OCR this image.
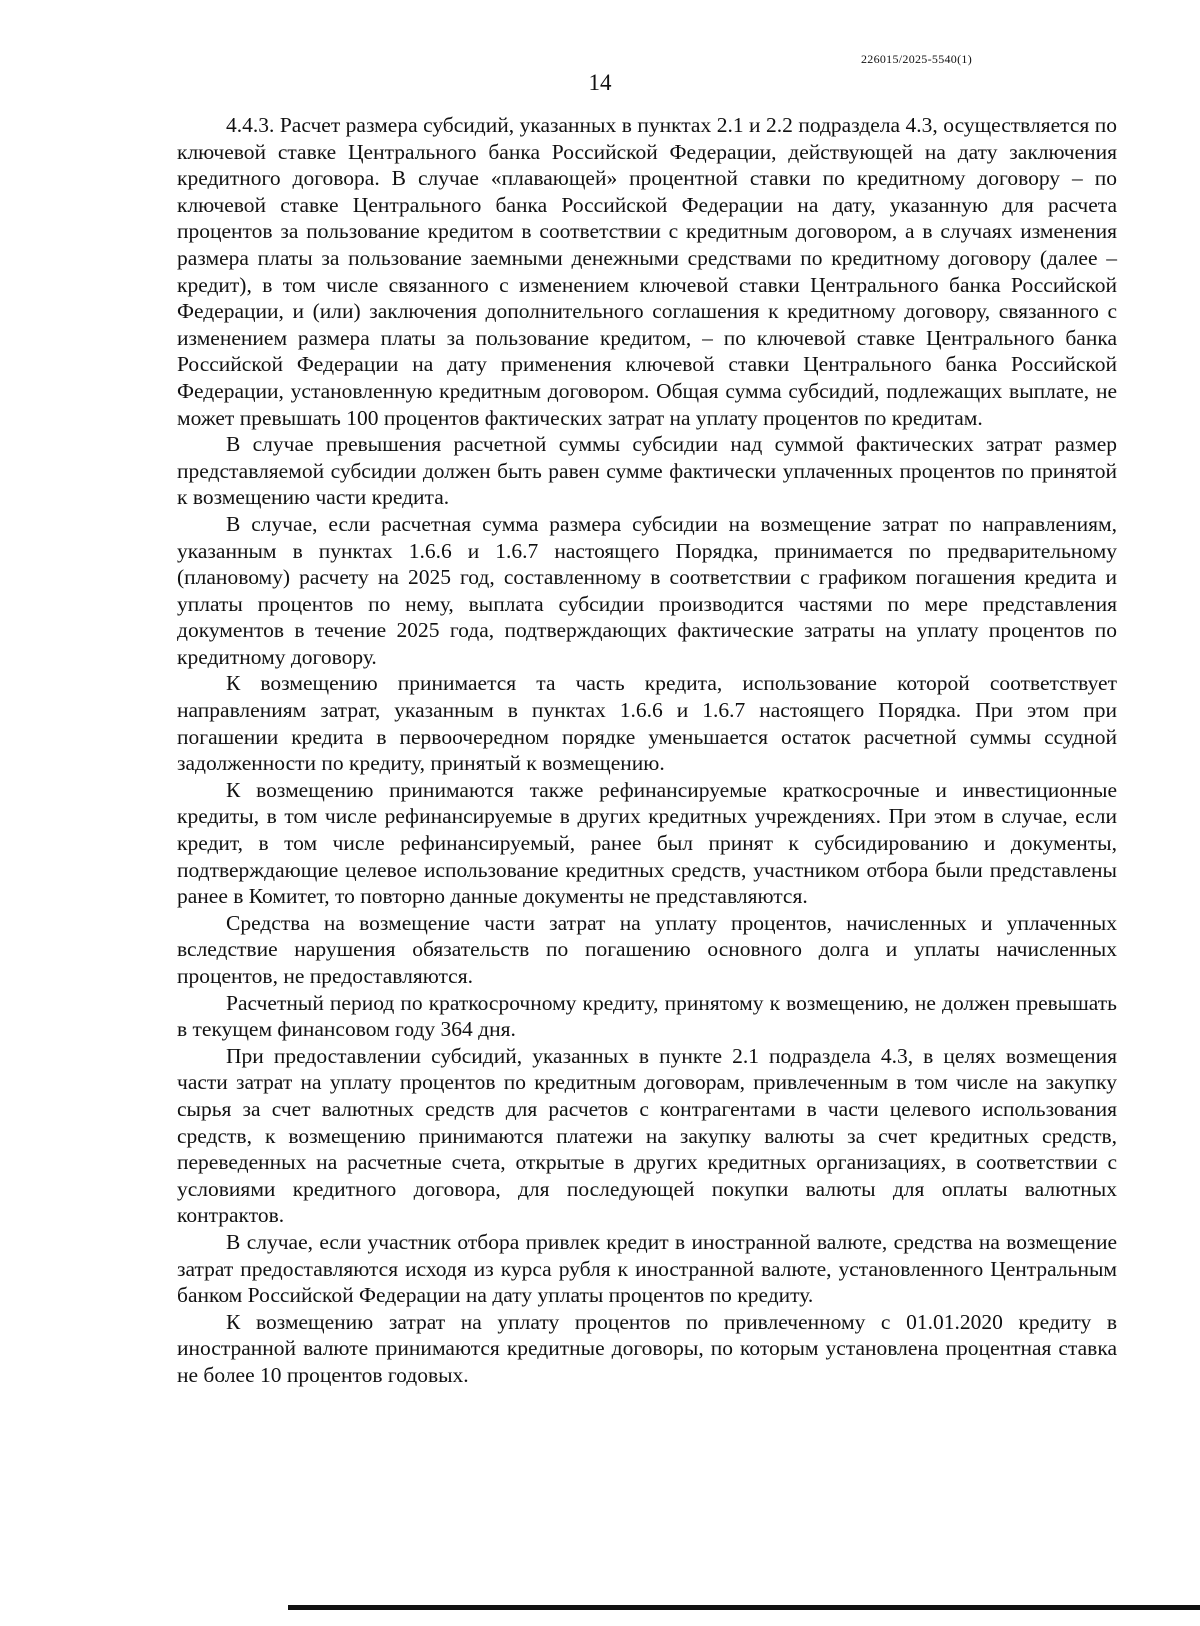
226015/2025-5540(1)
14

4.4.3. Расчет размера субсидий, указанных в пунктах 2.1 и 2.2 подраздела 4.3, осуществляется по ключевой ставке Центрального банка Российской Федерации, действующей на дату заключения кредитного договора. В случае «плавающей» процентной ставки по кредитному договору – по ключевой ставке Центрального банка Российской Федерации на дату, указанную для расчета процентов за пользование кредитом в соответствии с кредитным договором, а в случаях изменения размера платы за пользование заемными денежными средствами по кредитному договору (далее – кредит), в том числе связанного с изменением ключевой ставки Центрального банка Российской Федерации, и (или) заключения дополнительного соглашения к кредитному договору, связанного с изменением размера платы за пользование кредитом, – по ключевой ставке Центрального банка Российской Федерации на дату применения ключевой ставки Центрального банка Российской Федерации, установленную кредитным договором. Общая сумма субсидий, подлежащих выплате, не может превышать 100 процентов фактических затрат на уплату процентов по кредитам.

В случае превышения расчетной суммы субсидии над суммой фактических затрат размер представляемой субсидии должен быть равен сумме фактически уплаченных процентов по принятой к возмещению части кредита.

В случае, если расчетная сумма размера субсидии на возмещение затрат по направлениям, указанным в пунктах 1.6.6 и 1.6.7 настоящего Порядка, принимается по предварительному (плановому) расчету на 2025 год, составленному в соответствии с графиком погашения кредита и уплаты процентов по нему, выплата субсидии производится частями по мере представления документов в течение 2025 года, подтверждающих фактические затраты на уплату процентов по кредитному договору.

К возмещению принимается та часть кредита, использование которой соответствует направлениям затрат, указанным в пунктах 1.6.6 и 1.6.7 настоящего Порядка. При этом при погашении кредита в первоочередном порядке уменьшается остаток расчетной суммы ссудной задолженности по кредиту, принятый к возмещению.

К возмещению принимаются также рефинансируемые краткосрочные и инвестиционные кредиты, в том числе рефинансируемые в других кредитных учреждениях. При этом в случае, если кредит, в том числе рефинансируемый, ранее был принят к субсидированию и документы, подтверждающие целевое использование кредитных средств, участником отбора были представлены ранее в Комитет, то повторно данные документы не представляются.

Средства на возмещение части затрат на уплату процентов, начисленных и уплаченных вследствие нарушения обязательств по погашению основного долга и уплаты начисленных процентов, не предоставляются.

Расчетный период по краткосрочному кредиту, принятому к возмещению, не должен превышать в текущем финансовом году 364 дня.

При предоставлении субсидий, указанных в пункте 2.1 подраздела 4.3, в целях возмещения части затрат на уплату процентов по кредитным договорам, привлеченным в том числе на закупку сырья за счет валютных средств для расчетов с контрагентами в части целевого использования средств, к возмещению принимаются платежи на закупку валюты за счет кредитных средств, переведенных на расчетные счета, открытые в других кредитных организациях, в соответствии с условиями кредитного договора, для последующей покупки валюты для оплаты валютных контрактов.

В случае, если участник отбора привлек кредит в иностранной валюте, средства на возмещение затрат предоставляются исходя из курса рубля к иностранной валюте, установленного Центральным банком Российской Федерации на дату уплаты процентов по кредиту.

К возмещению затрат на уплату процентов по привлеченному с 01.01.2020 кредиту в иностранной валюте принимаются кредитные договоры, по которым установлена процентная ставка не более 10 процентов годовых.
